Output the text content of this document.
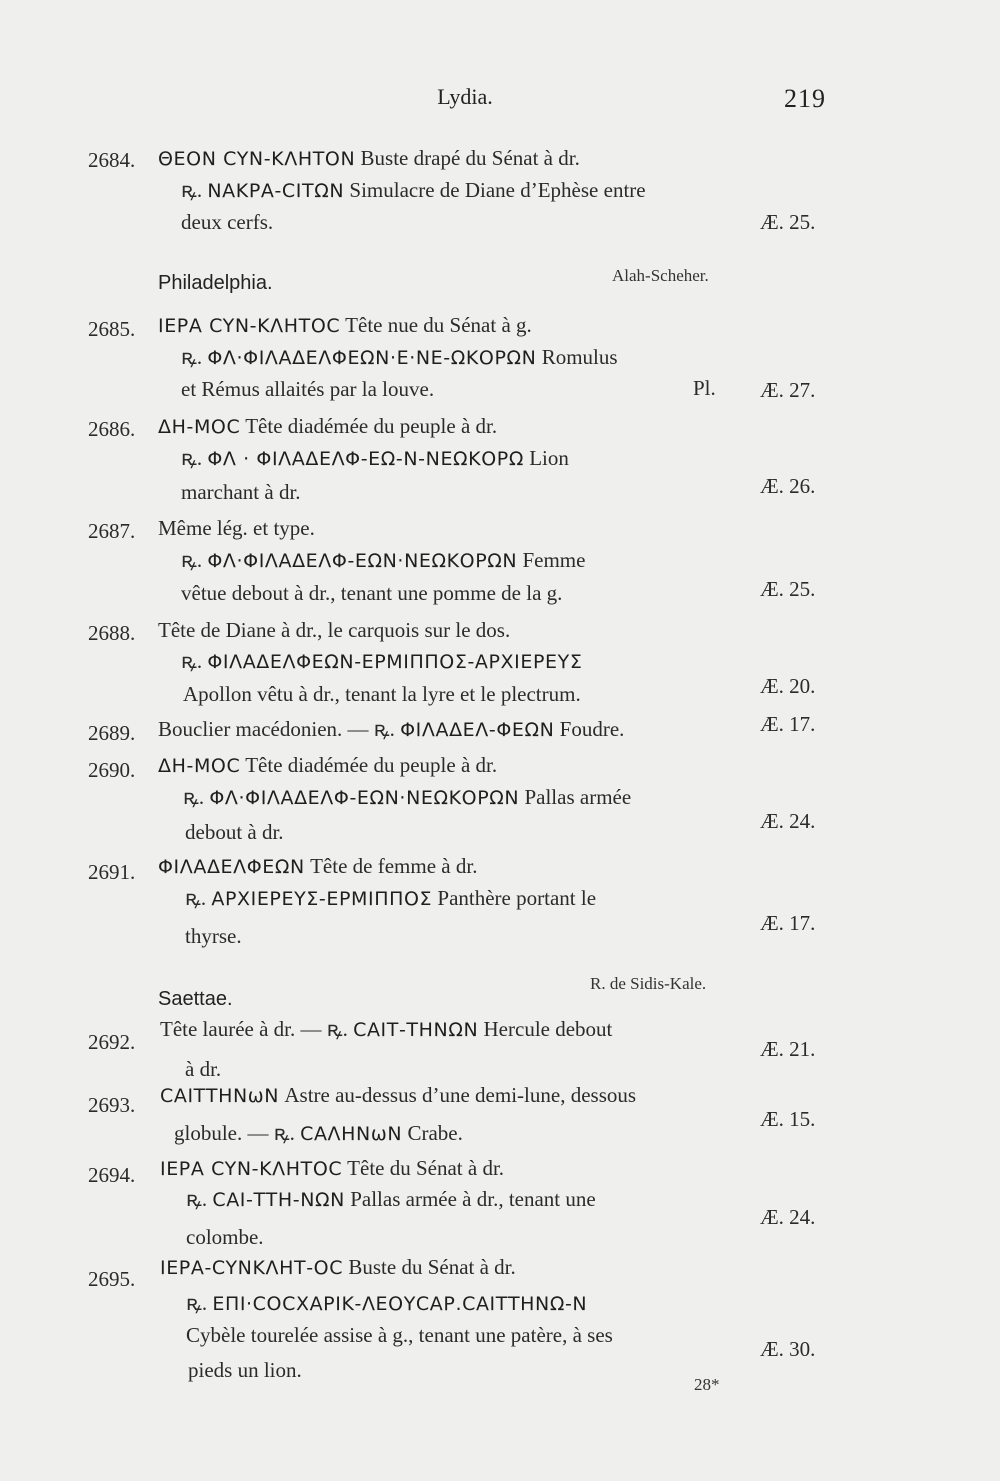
Lydia.	219
2684. ΘΕΟΝ CYN-ΚΛΗΤΟΝ Buste drapé du Sénat à dr.
ꝶ. ΝΑΚΡΑ-CΙΤΩΝ Simulacre de Diane d’Ephèse entre
deux cerfs.	Æ. 25.
Philadelphia.	Alah-Scheher.
2685. ΙΕΡΑ CYN-ΚΛΗΤΟC Tête nue du Sénat à g.
ꝶ. ΦΛ·ΦΙΛΑΔΕΛΦΕΩΝ·Ε·ΝΕ-ΩΚΟΡΩΝ Romulus
et Rémus allaités par la louve.	Pl. Æ. 27.
2686. ΔΗ-ΜΟC Tête diadémée du peuple à dr.
ꝶ. ΦΛ · ΦΙΛΑΔΕΛΦ-ΕΩ-Ν-ΝΕΩΚΟΡΩ Lion
marchant à dr.	Æ. 26.
2687. Même lég. et type.
ꝶ. ΦΛ·ΦΙΛΑΔΕΛΦ-ΕΩΝ·ΝΕΩΚΟΡΩΝ Femme
vêtue debout à dr., tenant une pomme de la g.	Æ. 25.
2688. Tête de Diane à dr., le carquois sur le dos.
ꝶ. ΦΙΛΑΔΕΛΦΕΩΝ-ΕΡΜΙΠΠΟΣ-ΑΡΧΙΕΡΕΥΣ
Apollon vêtu à dr., tenant la lyre et le plectrum.	Æ. 20.
2689. Bouclier macédonien. — ꝶ. ΦΙΛΑΔΕΛ-ΦΕΩΝ Foudre.	Æ. 17.
2690. ΔΗ-ΜΟC Tête diadémée du peuple à dr.
ꝶ. ΦΛ·ΦΙΛΑΔΕΛΦ-ΕΩΝ·ΝΕΩΚΟΡΩΝ Pallas armée
debout à dr.	Æ. 24.
2691. ΦΙΛΑΔΕΛΦΕΩΝ Tête de femme à dr.
ꝶ. ΑΡΧΙΕΡΕΥΣ-ΕΡΜΙΠΠΟΣ Panthère portant le
thyrse.
Æ. 17.
Saettae.
R. de Sidis-Kale.
2692.
Tête laurée à dr. — ꝶ. CΑΙΤ-ΤΗΝΩΝ Hercule debout
à dr.
Æ. 21.
2693. CΑΙΤΤΗΝωΝ Astre au-dessus d’une demi-lune, dessous
globule. — ꝶ. CΑΛΗΝωΝ Crabe.
Æ. 15.
2694. ΙΕΡΑ CYN-ΚΛΗΤΟC Tête du Sénat à dr.
ꝶ. CΑΙ-ΤΤΗ-ΝΩΝ Pallas armée à dr., tenant une
colombe.
Æ. 24.
2695. ΙΕΡΑ-CYΝΚΛΗΤ-ΟC Buste du Sénat à dr.
ꝶ. ΕΠΙ·COCΧΑΡΙΚ-ΛΕΟΥCΑΡ.CΑΙΤΤΗΝΩ-Ν
Cybèle tourelée assise à g., tenant une patère, à ses
pieds un lion.
Æ. 30.
28*
